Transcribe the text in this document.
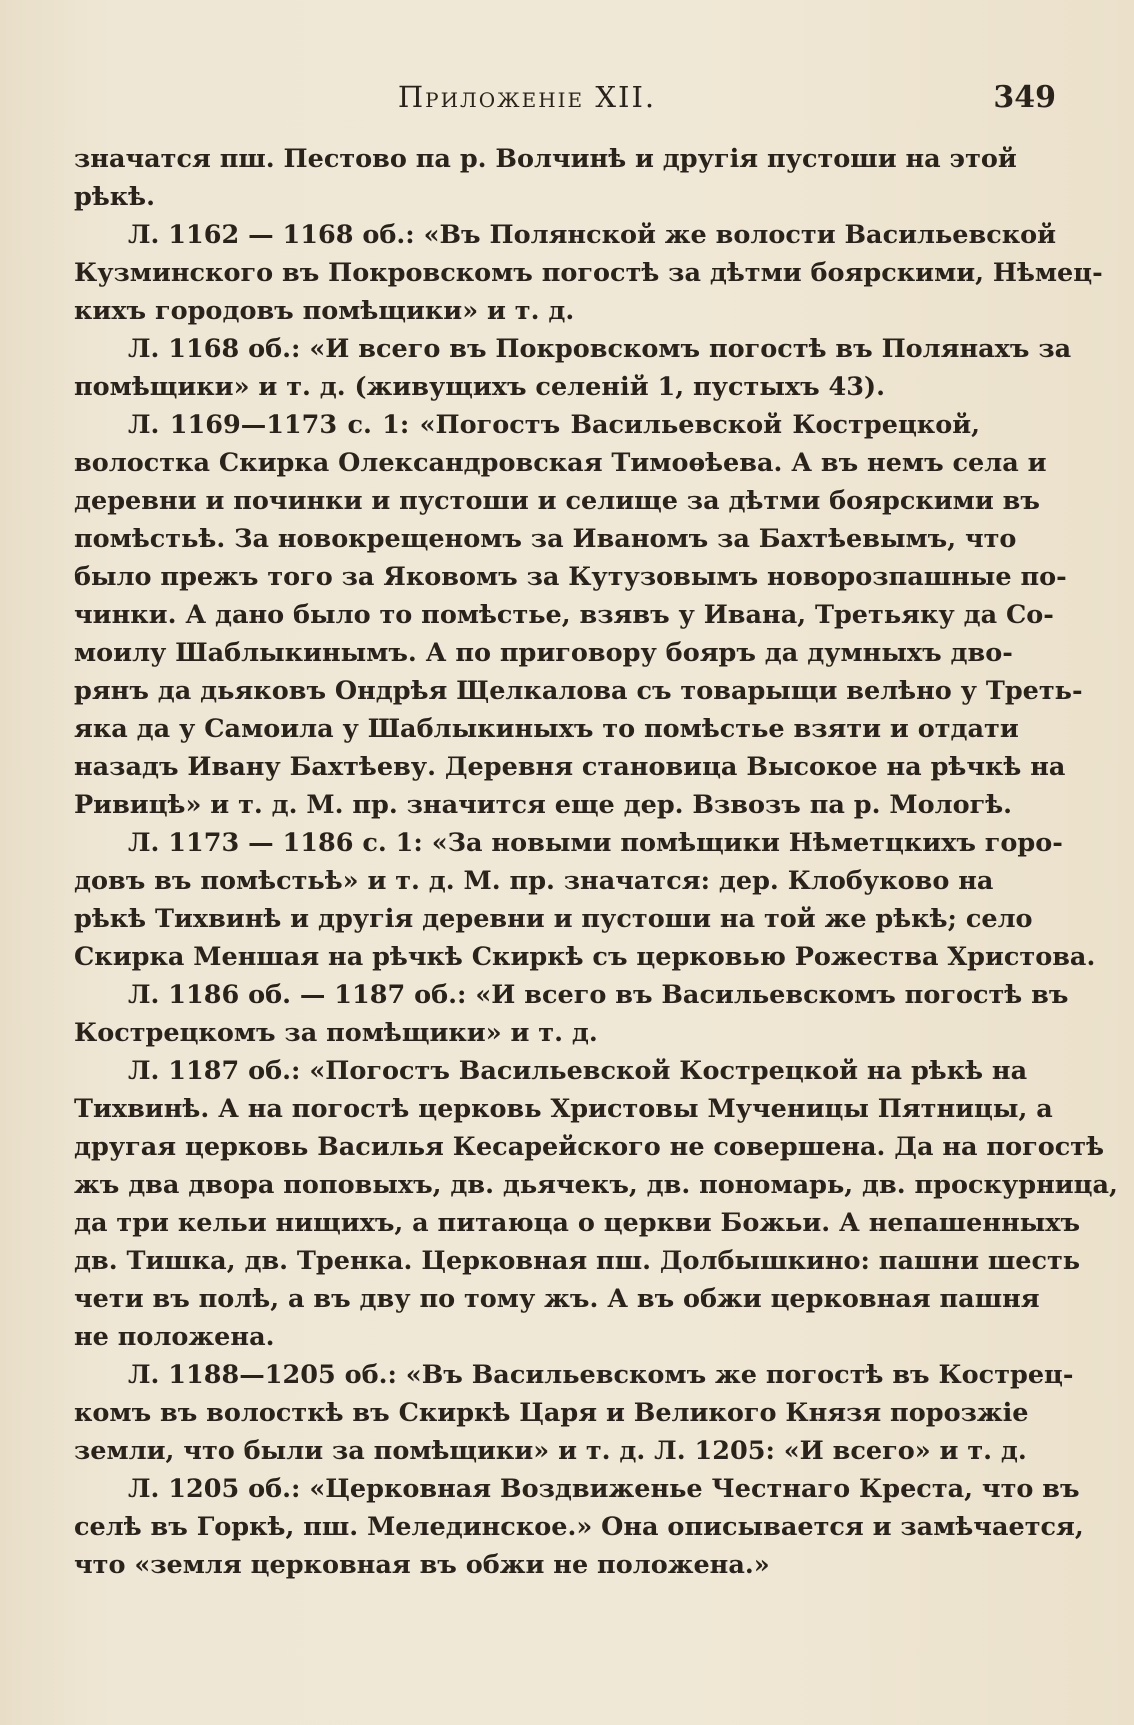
Приложеніе XII.	349
значатся пш. Пестово па р. Волчинѣ и другія пустоши на этой
рѣкѣ.
Л. 1162 — 1168 об.: «Въ Полянской же волости Васильевской
Кузминского въ Покровскомъ погостѣ за дѣтми боярскими, Нѣмец-
кихъ городовъ помѣщики» и т. д.
Л. 1168 об.: «И всего въ Покровскомъ погостѣ въ Полянахъ за
помѣщики» и т. д. (живущихъ селеній 1, пустыхъ 43).
Л. 1169—1173 с. 1: «Погостъ Васильевской Кострецкой,
волостка Скирка Олександровская Тимоѳѣева. А въ немъ села и
деревни и починки и пустоши и селище за дѣтми боярскими въ
помѣстьѣ. За новокрещеномъ за Иваномъ за Бахтѣевымъ, что
было прежъ того за Яковомъ за Кутузовымъ новорозпашные по-
чинки. А дано было то помѣстье, взявъ у Ивана, Третьяку да Со-
моилу Шаблыкинымъ. А по приговору бояръ да думныхъ дво-
рянъ да дьяковъ Ондрѣя Щелкалова съ товарыщи велѣно у Треть-
яка да у Самоила у Шаблыкиныхъ то помѣстье взяти и отдати
назадъ Ивану Бахтѣеву. Деревня становица Высокое на рѣчкѣ на
Ривицѣ» и т. д. М. пр. значится еще дер. Взвозъ па р. Мологѣ.
Л. 1173 — 1186 с. 1: «За новыми помѣщики Нѣметцкихъ горо-
довъ въ помѣстьѣ» и т. д. М. пр. значатся: дер. Клобуково на
рѣкѣ Тихвинѣ и другія деревни и пустоши на той же рѣкѣ; село
Скирка Меншая на рѣчкѣ Скиркѣ съ церковью Рожества Христова.
Л. 1186 об. — 1187 об.: «И всего въ Васильевскомъ погостѣ въ
Кострецкомъ за помѣщики» и т. д.
Л. 1187 об.: «Погостъ Васильевской Кострецкой на рѣкѣ на
Тихвинѣ. А на погостѣ церковь Христовы Мученицы Пятницы, а
другая церковь Василья Кесарейского не совершена. Да на погостѣ
жъ два двора поповыхъ, дв. дьячекъ, дв. пономарь, дв. проскурница,
да три кельи нищихъ, а питаюца о церкви Божьи. А непашенныхъ
дв. Тишка, дв. Тренка. Церковная пш. Долбышкино: пашни шесть
чети въ полѣ, а въ дву по тому жъ. А въ обжи церковная пашня
не положена.
Л. 1188—1205 об.: «Въ Васильевскомъ же погостѣ въ Кострец-
комъ въ волосткѣ въ Скиркѣ Царя и Великого Князя порозжіе
земли, что были за помѣщики» и т. д. Л. 1205: «И всего» и т. д.
Л. 1205 об.: «Церковная Воздвиженье Честнаго Креста, что въ
селѣ въ Горкѣ, пш. Мелединское.» Она описывается и замѣчается,
что «земля церковная въ обжи не положена.»
